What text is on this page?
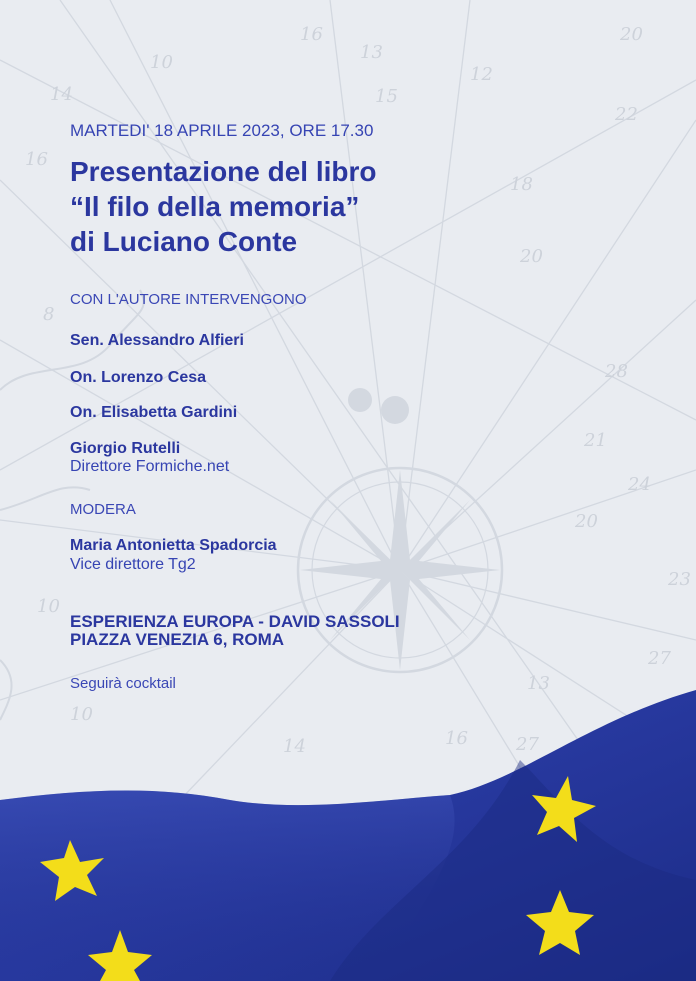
10	13
15
14
18
16
20
20
22
23
24
27
21
13
10
16
12
8
27
16
14
10
20
28
MARTEDI' 18 APRILE 2023, ORE 17.30
Presentazione del libro
“Il filo della memoria”
di Luciano Conte
CON L'AUTORE INTERVENGONO
Sen. Alessandro Alfieri
On. Lorenzo Cesa
On. Elisabetta Gardini
Giorgio Rutelli
Direttore Formiche.net
MODERA
Maria Antonietta Spadorcia
Vice direttore Tg2
ESPERIENZA EUROPA - DAVID SASSOLI
PIAZZA VENEZIA 6, ROMA
Seguirà cocktail
